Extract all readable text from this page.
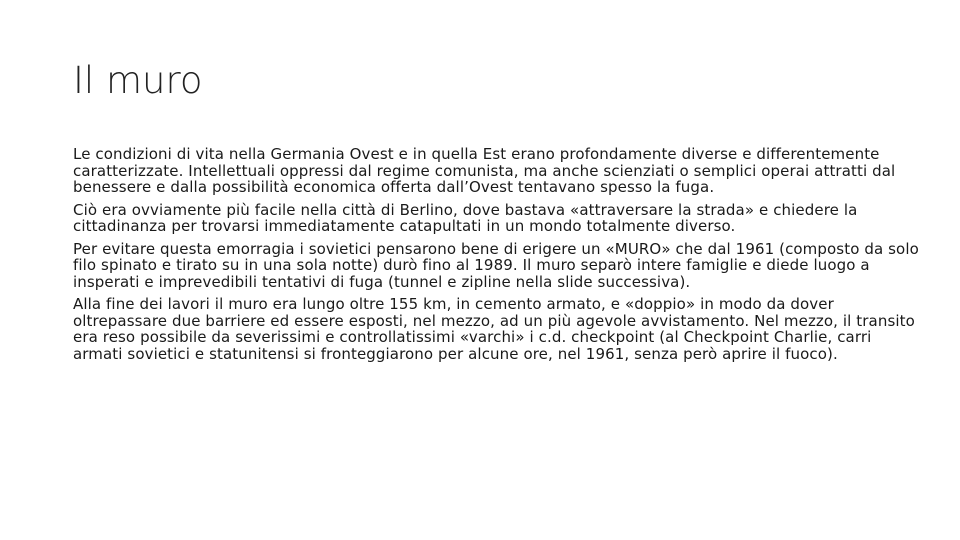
Il muro

Le condizioni di vita nella Germania Ovest e in quella Est erano profondamente diverse e differentemente caratterizzate. Intellettuali oppressi dal regime comunista, ma anche scienziati o semplici operai attratti dal benessere e dalla possibilità economica offerta dall’Ovest tentavano spesso la fuga.

Ciò era ovviamente più facile nella città di Berlino, dove bastava «attraversare la strada» e chiedere la cittadinanza per trovarsi immediatamente catapultati in un mondo totalmente diverso.

Per evitare questa emorragia i sovietici pensarono bene di erigere un «MURO» che dal 1961 (composto da solo filo spinato e tirato su in una sola notte) durò fino al 1989. Il muro separò intere famiglie e diede luogo a insperati e imprevedibili tentativi di fuga (tunnel e zipline nella slide successiva).

Alla fine dei lavori il muro era lungo oltre 155 km, in cemento armato, e «doppio» in modo da dover oltrepassare due barriere ed essere esposti, nel mezzo, ad un più agevole avvistamento. Nel mezzo, il transito era reso possibile da severissimi e controllatissimi «varchi» i c.d. checkpoint (al Checkpoint Charlie, carri armati sovietici e statunitensi si fronteggiarono per alcune ore, nel 1961, senza però aprire il fuoco).
